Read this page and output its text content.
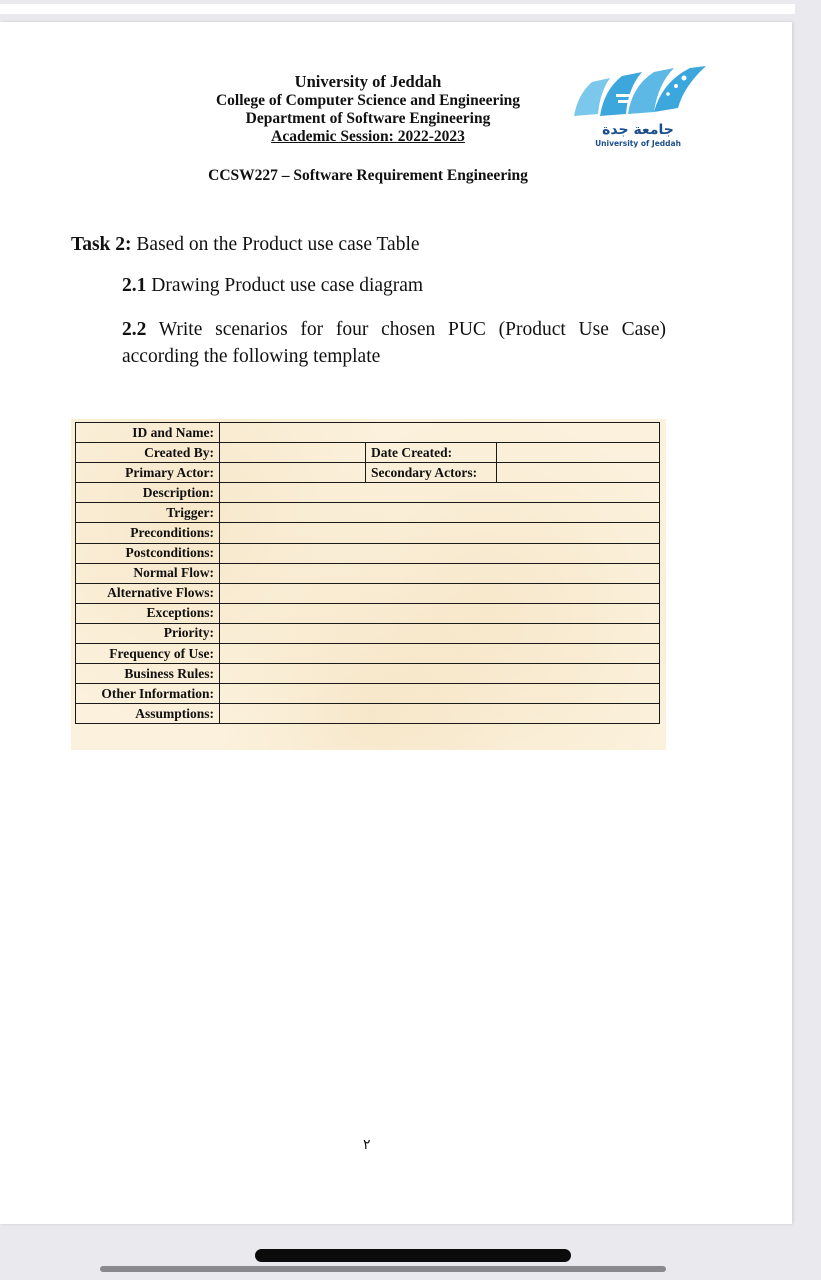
University of Jeddah
College of Computer Science and Engineering
Department of Software Engineering
Academic Session: 2022-2023	جامعة جدة
University of Jeddah
CCSW227 – Software Requirement Engineering
Task 2: Based on the Product use case Table
2.1 Drawing Product use case diagram
2.2 Write scenarios for four chosen PUC (Product Use Case) according the following template
ID and Name:			
Created By:		Date Created:	
Primary Actor:		Secondary Actors:	
Description:			
Trigger:			
Preconditions:			
Postconditions:			
Normal Flow:			
Alternative Flows:			
Exceptions:			
Priority:			
Frequency of Use:			
Business Rules:			
Other Information:			
Assumptions:			
٢
